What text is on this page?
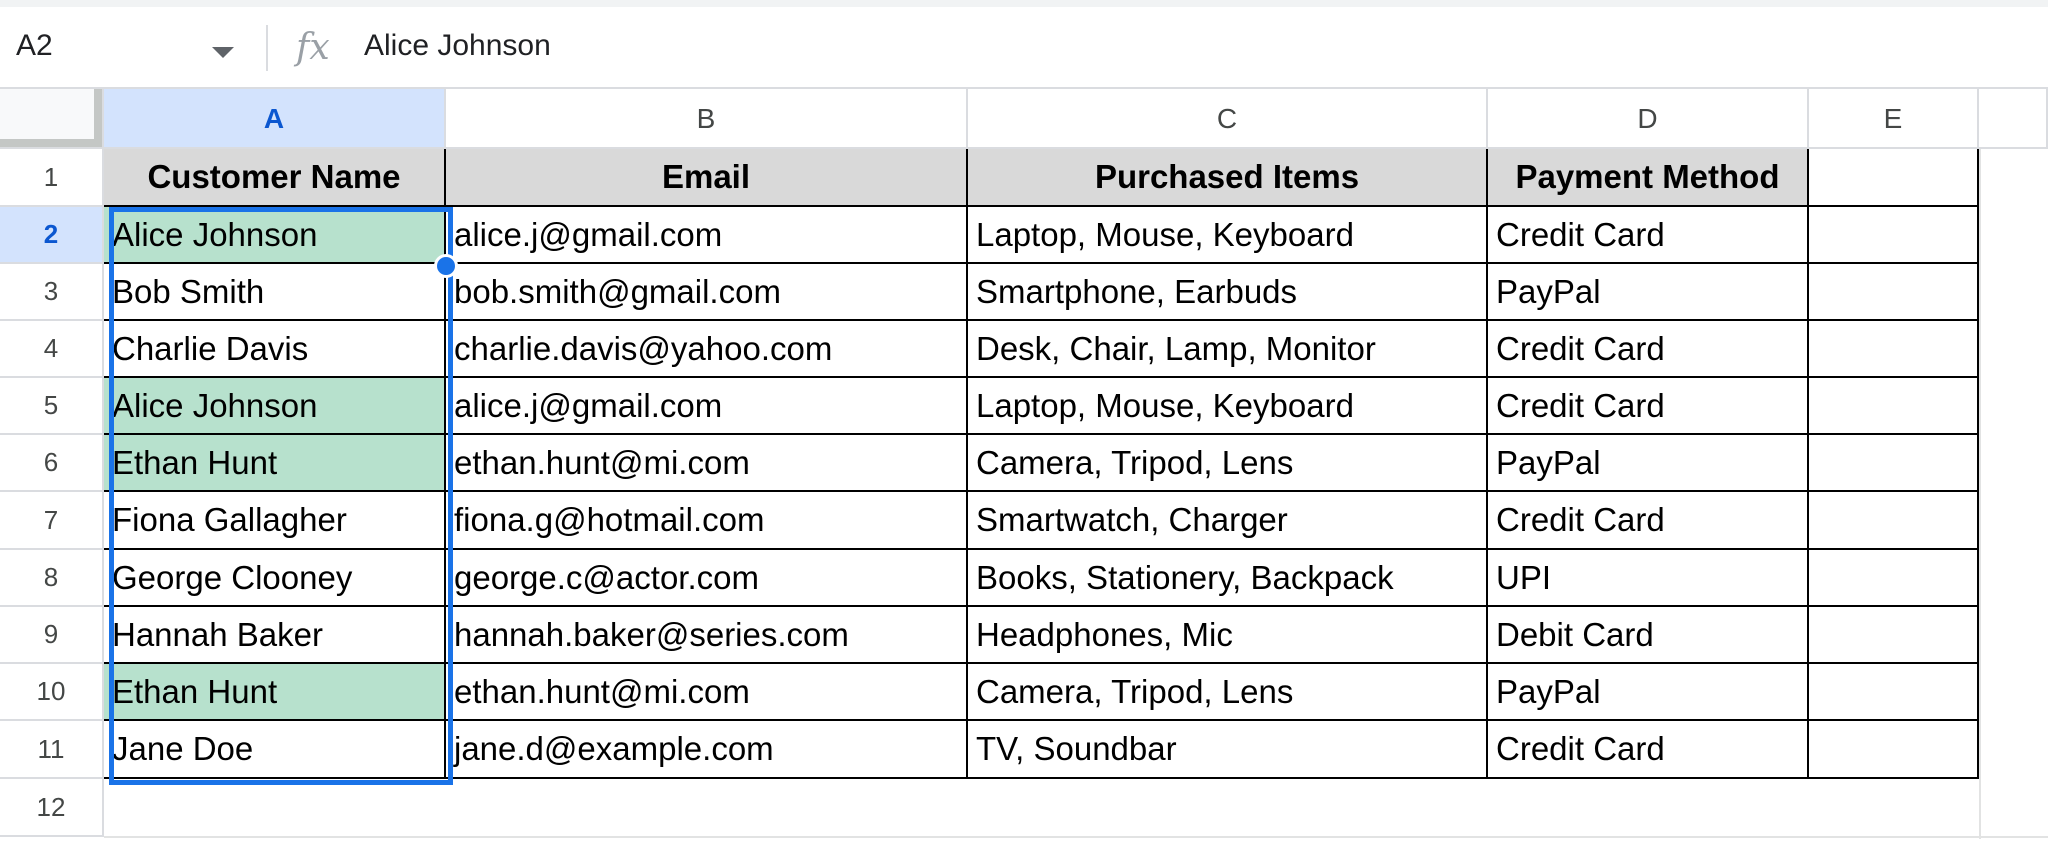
A2	fx Alice Johnson
A	B	C	D	E
1
2
3
4
5
6
7
8
9
10
11
12
Customer Name	Email	Purchased Items	Payment Method
Alice Johnson	alice.j@gmail.com	Laptop, Mouse, Keyboard	Credit Card
Bob Smith	bob.smith@gmail.com	Smartphone, Earbuds	PayPal
Charlie Davis	charlie.davis@yahoo.com	Desk, Chair, Lamp, Monitor	Credit Card
Alice Johnson	alice.j@gmail.com	Laptop, Mouse, Keyboard	Credit Card
Ethan Hunt	ethan.hunt@mi.com	Camera, Tripod, Lens	PayPal
Fiona Gallagher	fiona.g@hotmail.com	Smartwatch, Charger	Credit Card
George Clooney	george.c@actor.com	Books, Stationery, Backpack	UPI
Hannah Baker	hannah.baker@series.com	Headphones, Mic	Debit Card
Ethan Hunt	ethan.hunt@mi.com	Camera, Tripod, Lens	PayPal
Jane Doe	jane.d@example.com	TV, Soundbar	Credit Card
